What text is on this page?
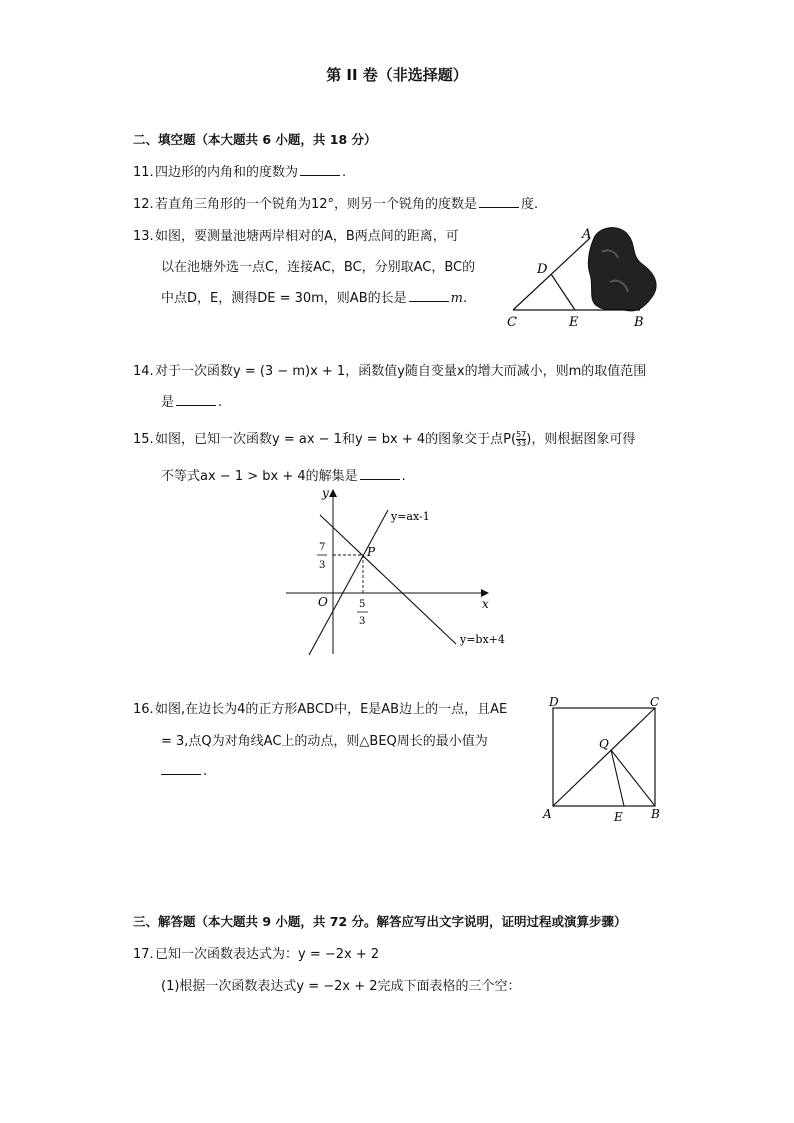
第 II 卷（非选择题）
二、填空题（本大题共 6 小题，共 18 分）
11.四边形的内角和的度数为	.
12.若直角三角形的一个锐角为12°，则另一个锐角的度数是	度.
13.如图，要测量池塘两岸相对的A，B两点间的距离，可
以在池塘外选一点C，连接AC，BC，分别取AC，BC的
中点D，E，测得DE = 30m，则AB的长是	m.
A
D
C	E	B
14.对于一次函数y = (3 − m)x + 1，函数值y随自变量x的增大而减小，则m的取值范围
是	.
15.如图，已知一次函数y = ax − 1和y = bx + 4的图象交于点$P( \frac{5}{3} \frac{7}{3}$ )，则根据图象可得
不等式ax − 1 > bx + 4的解集是	.
x
y
O
P
y=ax-1
y=bx+4
7
3
5
3
16.如图,在边长为4的正方形ABCD中，E是AB边上的一点，且AE
= 3,点Q为对角线AC上的动点，则△BEQ周长的最小值为
.
D	C
A	B
E
Q
三、解答题（本大题共 9 小题，共 72 分。解答应写出文字说明，证明过程或演算步骤）
17.已知一次函数表达式为：y = −2x + 2
(1)根据一次函数表达式y = −2x + 2完成下面表格的三个空：
